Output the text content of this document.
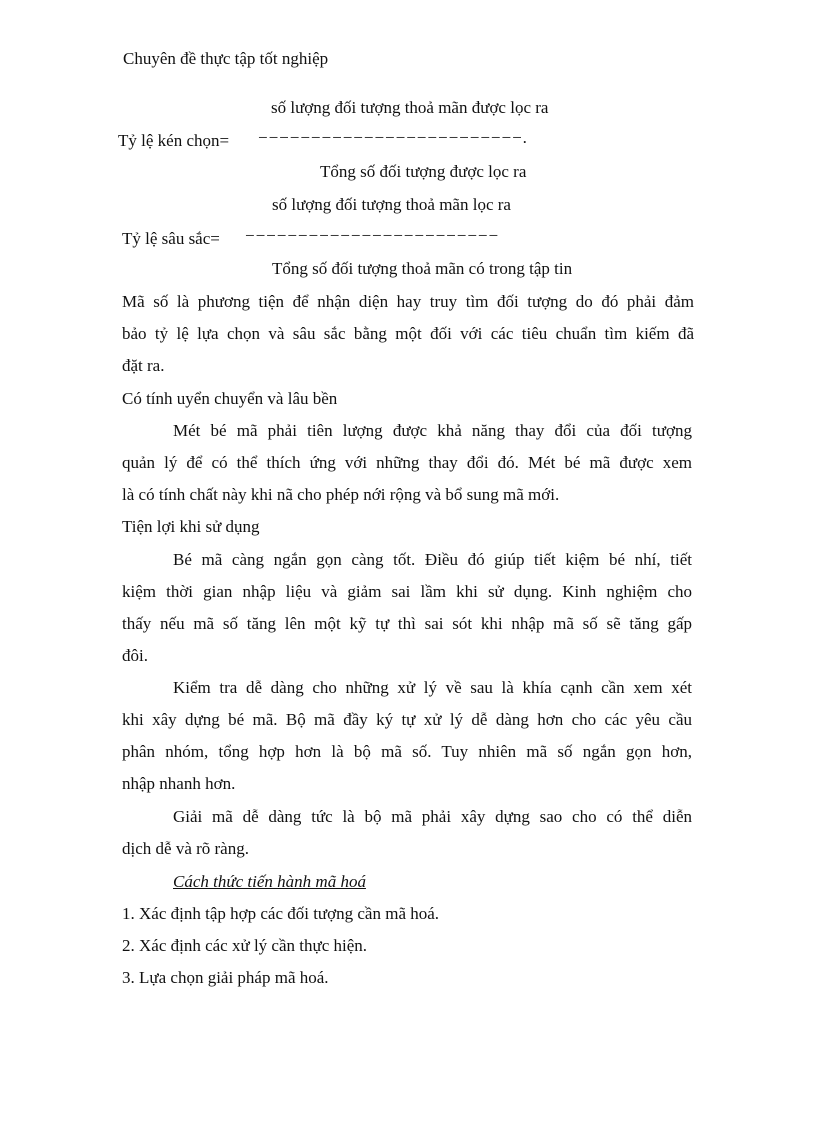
Chuyên đề thực tập tốt nghiệp
số lượng đối tượng thoả mãn được lọc ra
Tỷ lệ kén chọn= −−−−−−−−−−−−−−−−−−−−−−−−−.
Tổng số đối tượng được lọc ra
số lượng đối tượng thoả mãn lọc ra
Tỷ lệ sâu sắc= −−−−−−−−−−−−−−−−−−−−−−−−
Tổng số đối tượng thoả mãn có trong tập tin
Mã số là phương tiện để nhận diện hay truy tìm đối tượng do đó phải đảm
bảo tỷ lệ lựa chọn và sâu sắc bằng một đối với các tiêu chuẩn tìm kiếm đã
đặt ra.
Có tính uyển chuyển và lâu bền
Mét bé mã phải tiên lượng được khả năng thay đổi của đối tượng
quản lý để có thể thích ứng với những thay đổi đó. Mét bé mã được xem
là có tính chất này khi nã cho phép nới rộng và bổ sung mã mới.
Tiện lợi khi sử dụng
Bé mã càng ngắn gọn càng tốt. Điều đó giúp tiết kiệm bé nhí, tiết
kiệm thời gian nhập liệu và giảm sai lầm khi sử dụng. Kinh nghiệm cho
thấy nếu mã số tăng lên một kỹ tự thì sai sót khi nhập mã số sẽ tăng gấp
đôi.
Kiểm tra dễ dàng cho những xử lý về sau là khía cạnh cần xem xét
khi xây dựng bé mã. Bộ mã đầy ký tự xử lý dễ dàng hơn cho các yêu cầu
phân nhóm, tổng hợp hơn là bộ mã số. Tuy nhiên mã số ngắn gọn hơn,
nhập nhanh hơn.
Giải mã dễ dàng tức là bộ mã phải xây dựng sao cho có thể diễn
dịch dễ và rõ ràng.
Cách thức tiến hành mã hoá
1. Xác định tập hợp các đối tượng cần mã hoá.
2. Xác định các xử lý cần thực hiện.
3. Lựa chọn giải pháp mã hoá.
